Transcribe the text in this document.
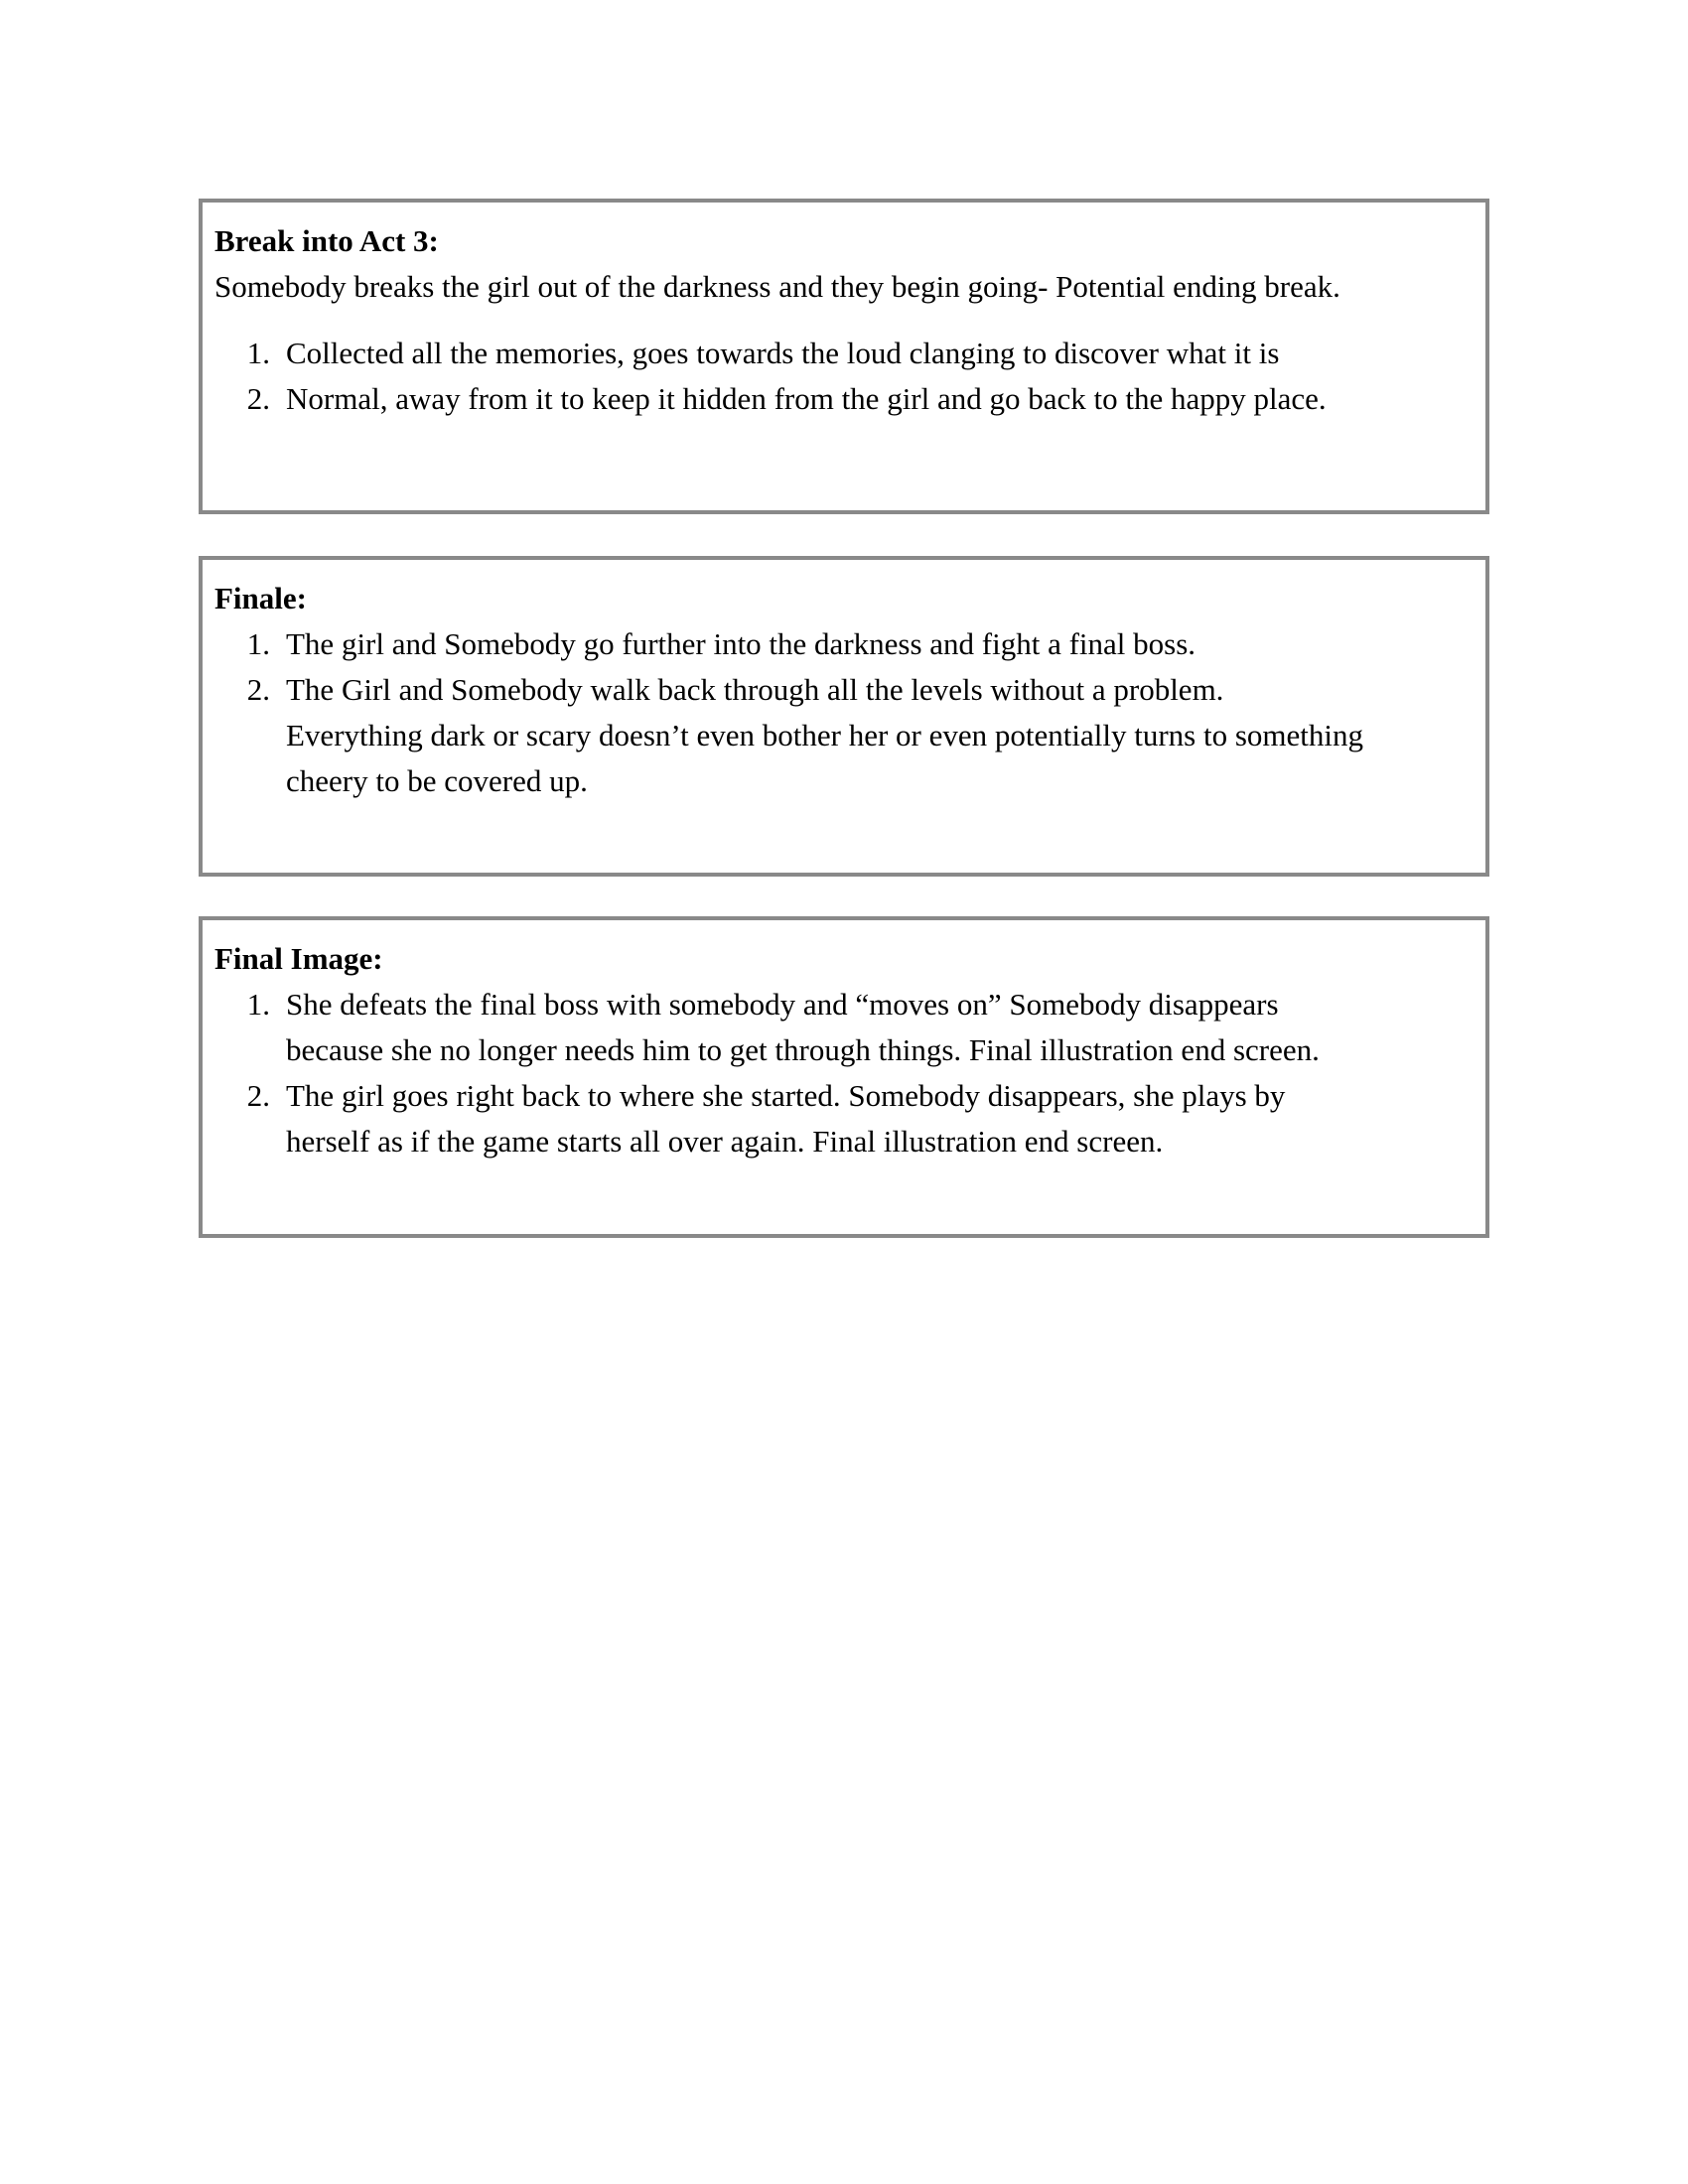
Break into Act 3:
Somebody breaks the girl out of the darkness and they begin going- Potential ending break.
1. Collected all the memories, goes towards the loud clanging to discover what it is
2. Normal, away from it to keep it hidden from the girl and go back to the happy place.
Finale:
1. The girl and Somebody go further into the darkness and fight a final boss.
2. The Girl and Somebody walk back through all the levels without a problem.
Everything dark or scary doesn’t even bother her or even potentially turns to something
cheery to be covered up.
Final Image:
1. She defeats the final boss with somebody and “moves on” Somebody disappears
because she no longer needs him to get through things. Final illustration end screen.
2. The girl goes right back to where she started. Somebody disappears, she plays by
herself as if the game starts all over again. Final illustration end screen.
